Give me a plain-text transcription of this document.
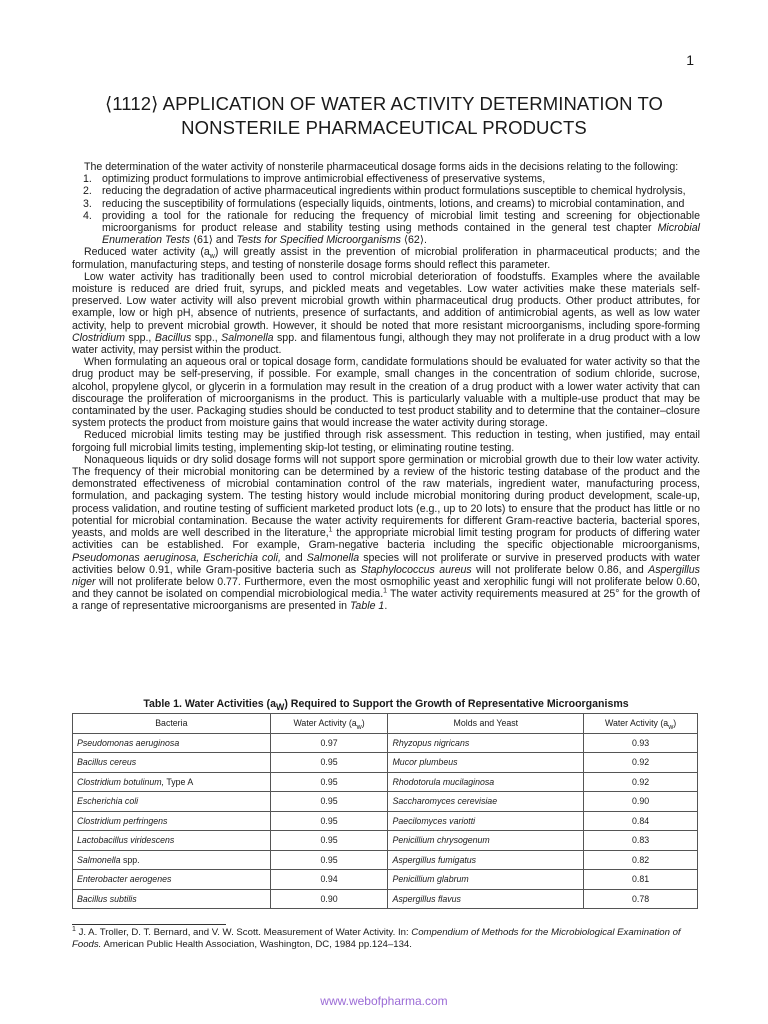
1
⟨1112⟩ APPLICATION OF WATER ACTIVITY DETERMINATION TO
NONSTERILE PHARMACEUTICAL PRODUCTS

The determination of the water activity of nonsterile pharmaceutical dosage forms aids in the decisions relating to the following:

1. optimizing product formulations to improve antimicrobial effectiveness of preservative systems,
2. reducing the degradation of active pharmaceutical ingredients within product formulations susceptible to chemical hydrolysis,
3. reducing the susceptibility of formulations (especially liquids, ointments, lotions, and creams) to microbial contamination, and
4. providing a tool for the rationale for reducing the frequency of microbial limit testing and screening for objectionable microorganisms for product release and stability testing using methods contained in the general test chapter Microbial Enumeration Tests ⟨61⟩ and Tests for Specified Microorganisms ⟨62⟩.

Reduced water activity $(a_w)$ will greatly assist in the prevention of microbial proliferation in pharmaceutical products; and the formulation, manufacturing steps, and testing of nonsterile dosage forms should reflect this parameter.

Low water activity has traditionally been used to control microbial deterioration of foodstuffs. Examples where the available moisture is reduced are dried fruit, syrups, and pickled meats and vegetables. Low water activities make these materials self-preserved. Low water activity will also prevent microbial growth within pharmaceutical drug products. Other product attributes, for example, low or high pH, absence of nutrients, presence of surfactants, and addition of antimicrobial agents, as well as low water activity, help to prevent microbial growth. However, it should be noted that more resistant microorganisms, including spore-forming Clostridium spp., Bacillus spp., Salmonella spp. and filamentous fungi, although they may not proliferate in a drug product with a low water activity, may persist within the product.

When formulating an aqueous oral or topical dosage form, candidate formulations should be evaluated for water activity so that the drug product may be self-preserving, if possible. For example, small changes in the concentration of sodium chloride, sucrose, alcohol, propylene glycol, or glycerin in a formulation may result in the creation of a drug product with a lower water activity that can discourage the proliferation of microorganisms in the product. This is particularly valuable with a multiple-use product that may be contaminated by the user. Packaging studies should be conducted to test product stability and to determine that the container–closure system protects the product from moisture gains that would increase the water activity during storage.

Reduced microbial limits testing may be justified through risk assessment. This reduction in testing, when justified, may entail forgoing full microbial limits testing, implementing skip-lot testing, or eliminating routine testing.

Nonaqueous liquids or dry solid dosage forms will not support spore germination or microbial growth due to their low water activity. The frequency of their microbial monitoring can be determined by a review of the historic testing database of the product and the demonstrated effectiveness of microbial contamination control of the raw materials, ingredient water, manufacturing process, formulation, and packaging system. The testing history would include microbial monitoring during product development, scale-up, process validation, and routine testing of sufficient marketed product lots (e.g., up to 20 lots) to ensure that the product has little or no potential for microbial contamination. Because the water activity requirements for different Gram-reactive bacteria, bacterial spores, yeasts, and molds are well described in the literature,$^1$ the appropriate microbial limit testing program for products of differing water activities can be established. For example, Gram-negative bacteria including the specific objectionable microorganisms, Pseudomonas aeruginosa, Escherichia coli, and Salmonella species will not proliferate or survive in preserved products with water activities below 0.91, while Gram-positive bacteria such as Staphylococcus aureus will not proliferate below 0.86, and Aspergillus niger will not proliferate below 0.77. Furthermore, even the most osmophilic yeast and xerophilic fungi will not proliferate below 0.60, and they cannot be isolated on compendial microbiological media.$^1$ The water activity requirements measured at 25° for the growth of a range of representative microorganisms are presented in Table 1.

Table 1. Water Activities $(a_W)$ Required to Support the Growth of Representative Microorganisms
Bacteria	Water Activity $(a_w)$	Molds and Yeast	Water Activity $(a_w)$
Pseudomonas aeruginosa	0.97	Rhyzopus nigricans	0.93
Bacillus cereus	0.95	Mucor plumbeus	0.92
Clostridium botulinum, Type A	0.95	Rhodotorula mucilaginosa	0.92
Escherichia coli	0.95	Saccharomyces cerevisiae	0.90
Clostridium perfringens	0.95	Paecilomyces variotti	0.84
Lactobacillus viridescens	0.95	Penicillium chrysogenum	0.83
Salmonella spp.	0.95	Aspergillus fumigatus	0.82
Enterobacter aerogenes	0.94	Penicillium glabrum	0.81
Bacillus subtilis	0.90	Aspergillus flavus	0.78
$^1$ J. A. Troller, D. T. Bernard, and V. W. Scott. Measurement of Water Activity. In: Compendium of Methods for the Microbiological Examination of Foods. American Public Health Association, Washington, DC, 1984 pp.124–134.
www.webofpharma.com
